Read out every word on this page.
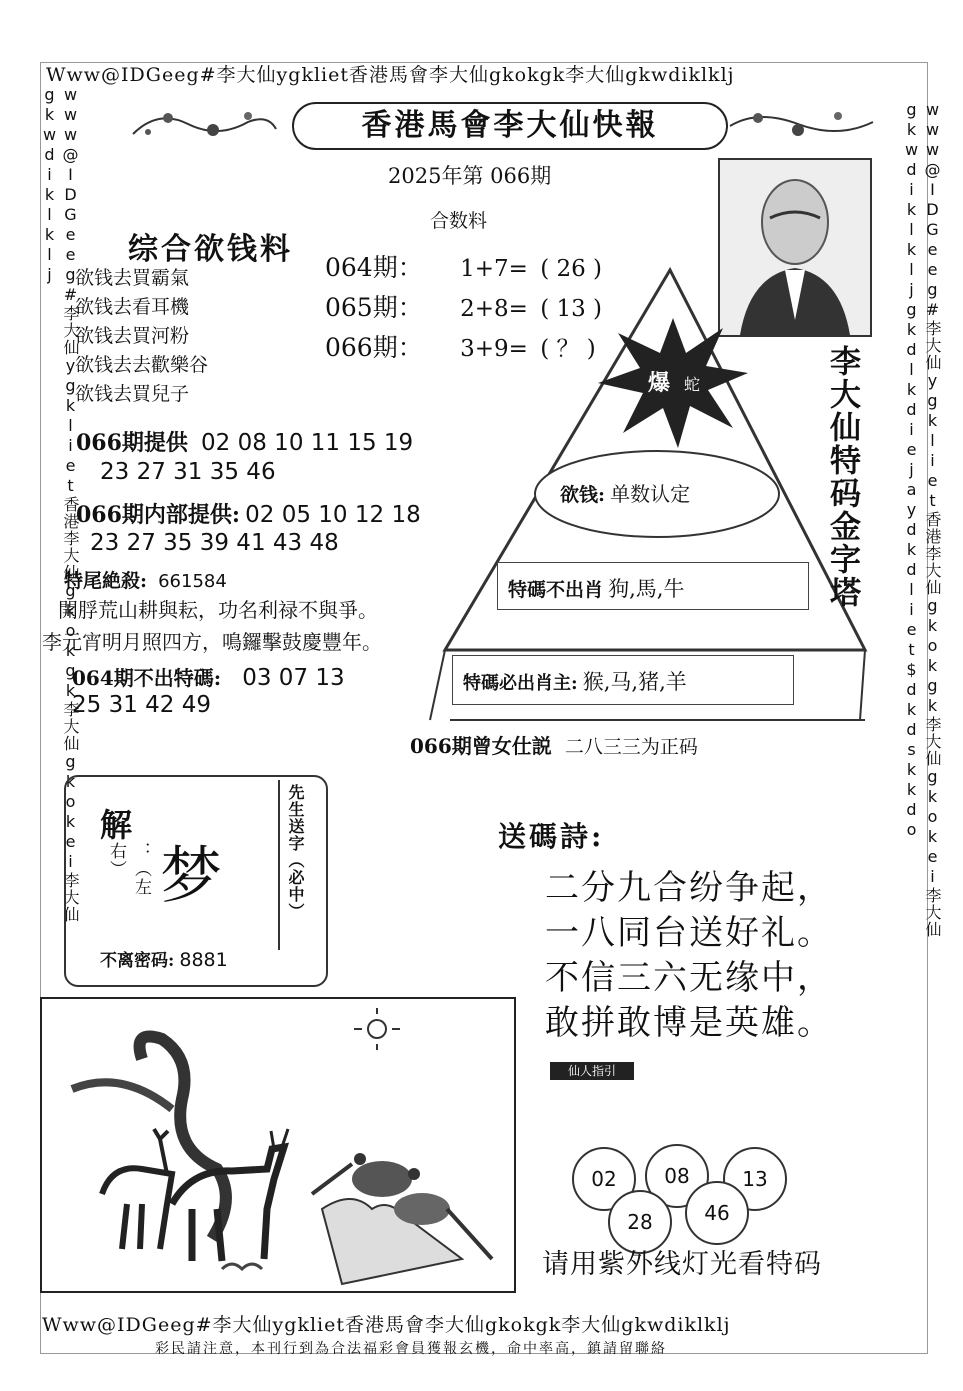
Www@IDGeeg#李大仙ygkliet香港馬會李大仙gkokgk李大仙gkwdiklklj
www@IDGeeg#李大仙ygkliet香港李大仙gkokgk李大仙gkokei李大仙gkwdiklklj	www@IDGeeg#李大仙ygkliet香港李大仙gkokgk李大仙gkokei李大仙gkwdiklkljgkdlkdiejaydkdliet$dkdskkdo
香港馬會李大仙快報
2025年第 066期
合数料
064期： 1+7= ( 26 )
065期： 2+8= ( 13 )
066期： 3+9= ( ？ )
综合欲钱料
欲钱去買霸氣
欲钱去看耳機
欲钱去買河粉
欲钱去去歡樂谷
欲钱去買兒子
066期提供 02 08 10 11 15 19
23 27 31 35 46
066期内部提供: 02 05 10 12 18
23 27 35 39 41 43 48
特尾絶殺: 661584
開脬荒山耕與耘，功名利禄不與爭。
李元宵明月照四方，鳴鑼擊鼓慶豐年。
064期不出特碼: 03 07 13
25 31 42 49
爆 蛇
欲钱: 单数认定
特碼不出肖 狗,馬,牛
特碼必出肖主: 猴,马,猪,羊
李大仙特码金字塔
066期曾女仕説 二八三三为正码
解
：（左右） 梦	先生送字（必中）
不离密码: 8881
送碼詩:
二分九合纷争起，
一八同台送好礼。
不信三六无缘中，
敢拼敢博是英雄。
仙人指引
02	08	13
28	46
请用紫外线灯光看特码
Www@IDGeeg#李大仙ygkliet香港馬會李大仙gkokgk李大仙gkwdiklklj
彩民請注意，本刊行到為合法福彩會員獲報玄機，命中率高，鎮請留聯絡
